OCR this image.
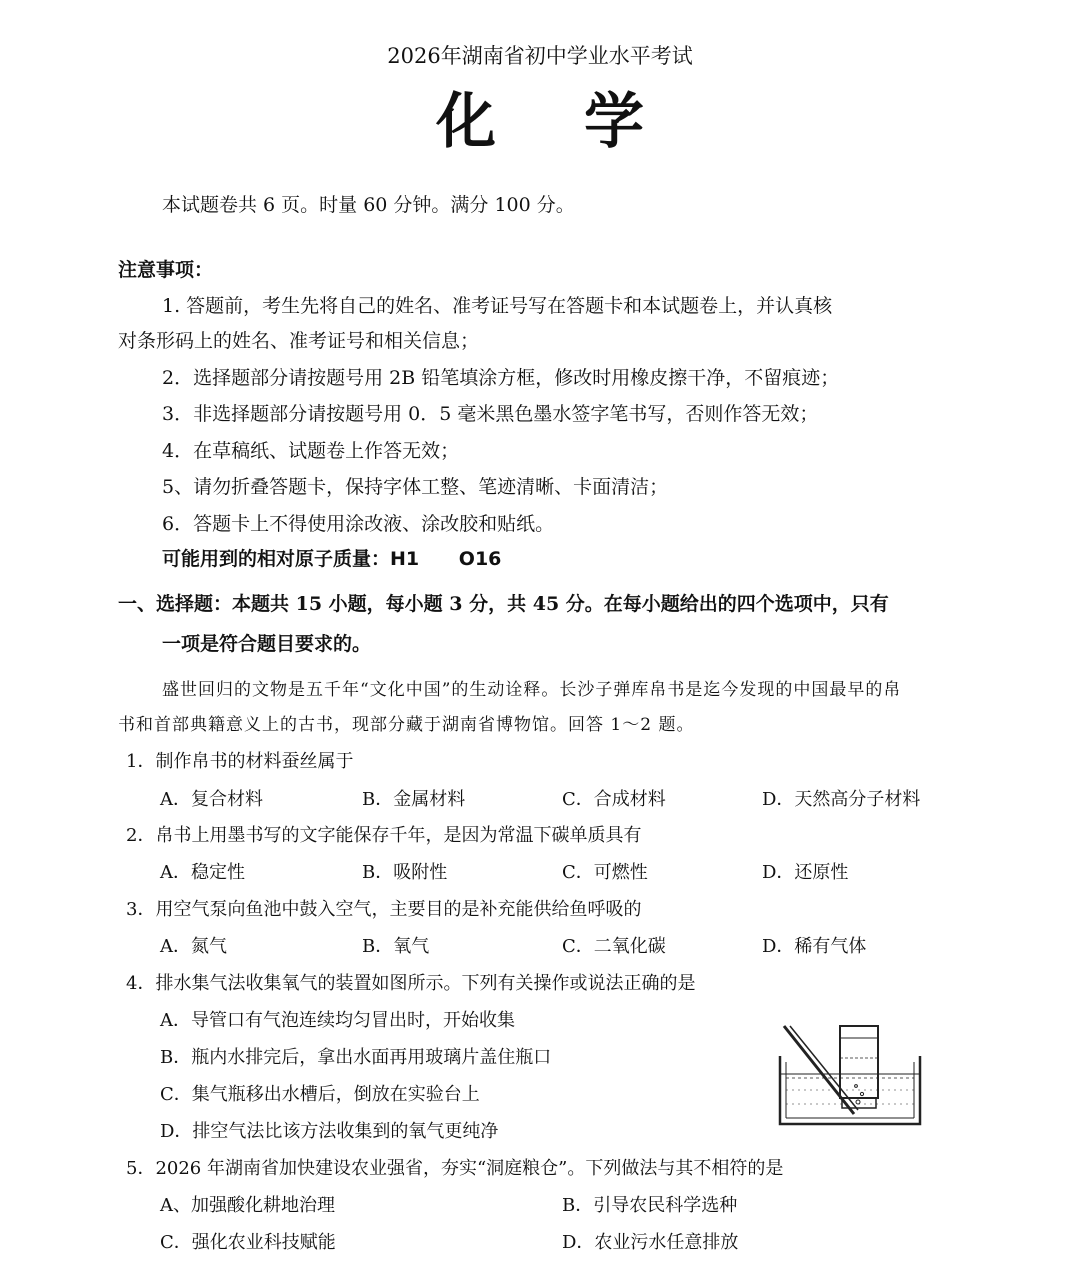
2026年湖南省初中学业水平考试
化学
本试题卷共 6 页。时量 60 分钟。满分 100 分。
注意事项：
1. 答题前，考生先将自己的姓名、准考证号写在答题卡和本试题卷上，并认真核
对条形码上的姓名、准考证号和相关信息；
2．选择题部分请按题号用 2B 铅笔填涂方框，修改时用橡皮擦干净，不留痕迹；
3．非选择题部分请按题号用 0．5 毫米黑色墨水签字笔书写，否则作答无效；
4．在草稿纸、试题卷上作答无效；
5、请勿折叠答题卡，保持字体工整、笔迹清晰、卡面清洁；
6．答题卡上不得使用涂改液、涂改胶和贴纸。
可能用到的相对原子质量：H1      O16
一、选择题：本题共 15 小题，每小题 3 分，共 45 分。在每小题给出的四个选项中，只有
一项是符合题目要求的。
盛世回归的文物是五千年“文化中国”的生动诠释。长沙子弹库帛书是迄今发现的中国最早的帛
书和首部典籍意义上的古书，现部分藏于湖南省博物馆。回答 1～2 题。
1．制作帛书的材料蚕丝属于
A．复合材料	B．金属材料	C．合成材料	D．天然高分子材料
2．帛书上用墨书写的文字能保存千年，是因为常温下碳单质具有
A．稳定性	B．吸附性	C．可燃性	D．还原性
3．用空气泵向鱼池中鼓入空气，主要目的是补充能供给鱼呼吸的
A．氮气	B．氧气	C．二氧化碳	D．稀有气体
4．排水集气法收集氧气的装置如图所示。下列有关操作或说法正确的是
A．导管口有气泡连续均匀冒出时，开始收集
B．瓶内水排完后，拿出水面再用玻璃片盖住瓶口
C．集气瓶移出水槽后，倒放在实验台上
D．排空气法比该方法收集到的氧气更纯净
5．2026 年湖南省加快建设农业强省，夯实“洞庭粮仓”。下列做法与其不相符的是
A、加强酸化耕地治理	B．引导农民科学选种
C．强化农业科技赋能	D．农业污水任意排放
